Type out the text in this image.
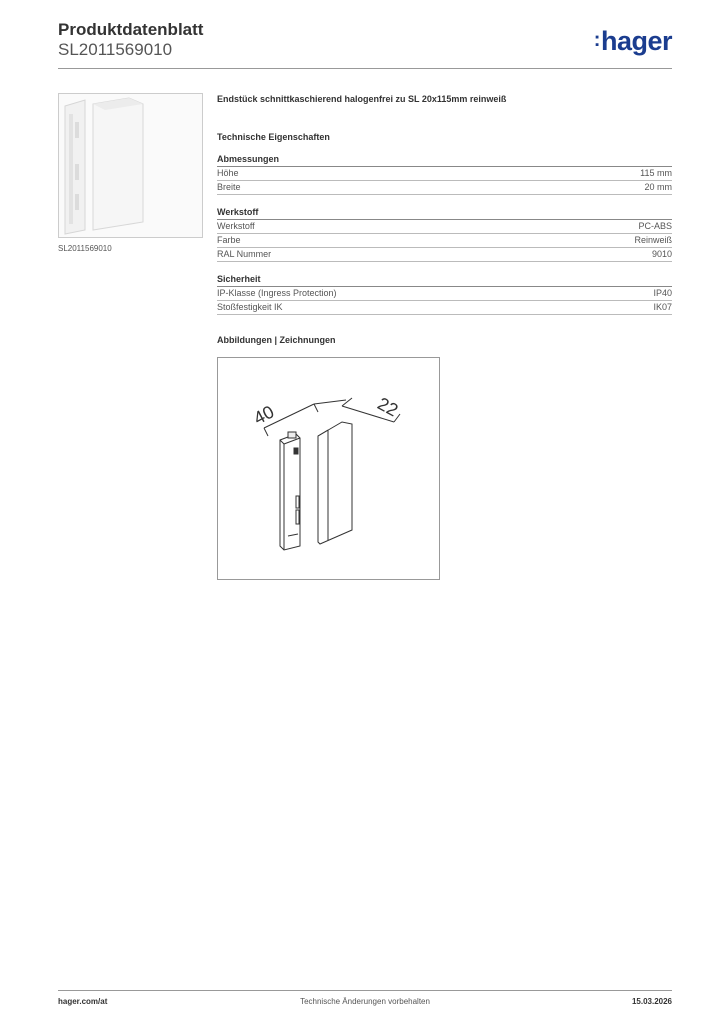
Produktdatenblatt
SL2011569010	:hager
SL2011569010
Endstück schnittkaschierend halogenfrei zu SL 20x115mm reinweiß
Technische Eigenschaften
Abmessungen
Höhe	115 mm
Breite	20 mm
Werkstoff
Werkstoff	PC-ABS
Farbe	Reinweiß
RAL Nummer	9010
Sicherheit
IP-Klasse (Ingress Protection)	IP40
Stoßfestigkeit IK	IK07
Abbildungen | Zeichnungen
40	22
hager.com/at	Technische Änderungen vorbehalten	15.03.2026
